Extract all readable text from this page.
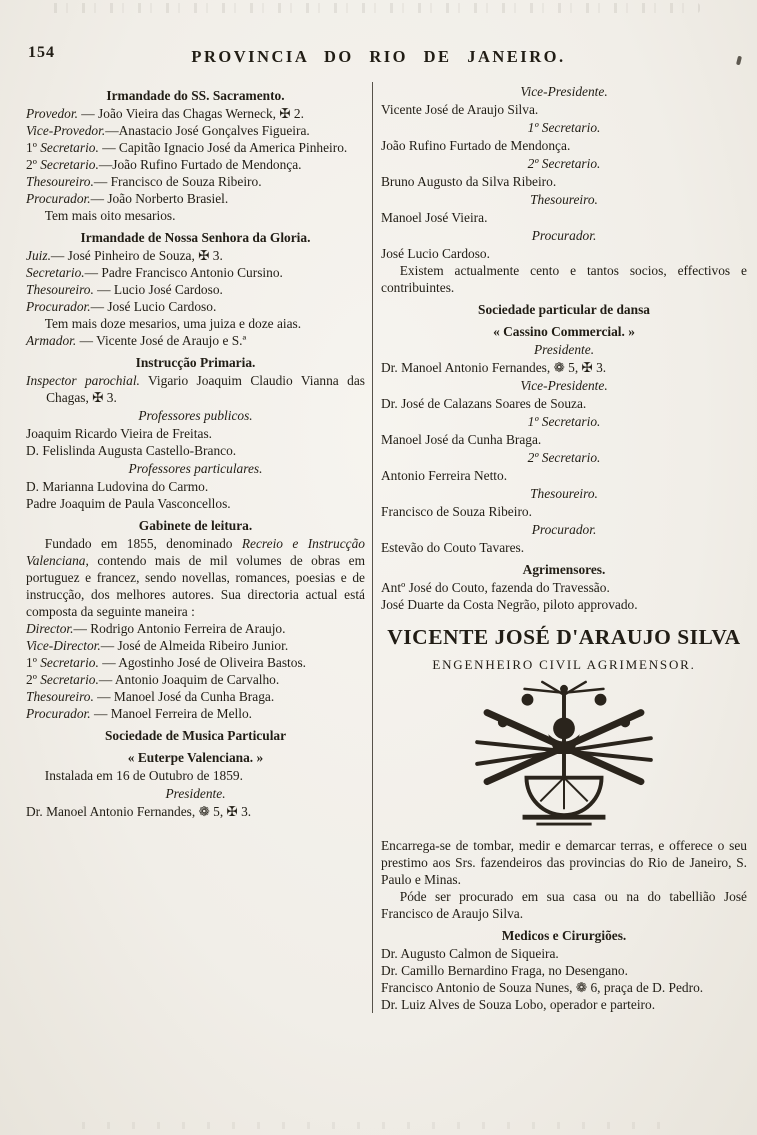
154	PROVINCIA DO RIO DE JANEIRO.

Irmandade do SS. Sacramento.

Provedor. — João Vieira das Chagas Werneck, ✠ 2.

Vice-Provedor.—Anastacio José Gonçalves Figueira.

1º Secretario. — Capitão Ignacio José da America Pinheiro.

2º Secretario.—João Rufino Furtado de Mendonça.

Thesoureiro.— Francisco de Souza Ribeiro.

Procurador.— João Norberto Brasiel.

Tem mais oito mesarios.

Irmandade de Nossa Senhora da Gloria.

Juiz.— José Pinheiro de Souza, ✠ 3.

Secretario.— Padre Francisco Antonio Cursino.

Thesoureiro. — Lucio José Cardoso.

Procurador.— José Lucio Cardoso.

Tem mais doze mesarios, uma juiza e doze aias.

Armador. — Vicente José de Araujo e S.ª

Instrucção Primaria.

Inspector parochial. Vigario Joaquim Claudio Vianna das Chagas, ✠ 3.

Professores publicos.

Joaquim Ricardo Vieira de Freitas.

D. Felislinda Augusta Castello-Branco.

Professores particulares.

D. Marianna Ludovina do Carmo.

Padre Joaquim de Paula Vasconcellos.

Gabinete de leitura.

Fundado em 1855, denominado Recreio e Instrucção Valenciana, contendo mais de mil volumes de obras em portuguez e francez, sendo novellas, romances, poesias e de instrucção, dos melhores autores. Sua directoria actual está composta da seguinte maneira :

Director.— Rodrigo Antonio Ferreira de Araujo.

Vice-Director.— José de Almeida Ribeiro Junior.

1º Secretario. — Agostinho José de Oliveira Bastos.

2º Secretario.— Antonio Joaquim de Carvalho.

Thesoureiro. — Manoel José da Cunha Braga.

Procurador. — Manoel Ferreira de Mello.

Sociedade de Musica Particular

« Euterpe Valenciana. »

Instalada em 16 de Outubro de 1859.

Presidente.

Dr. Manoel Antonio Fernandes, ❁ 5, ✠ 3.

Vice-Presidente.

Vicente José de Araujo Silva.

1º Secretario.

João Rufino Furtado de Mendonça.

2º Secretario.

Bruno Augusto da Silva Ribeiro.

Thesoureiro.

Manoel José Vieira.

Procurador.

José Lucio Cardoso.

Existem actualmente cento e tantos socios, effectivos e contribuintes.

Sociedade particular de dansa

« Cassino Commercial. »

Presidente.

Dr. Manoel Antonio Fernandes, ❁ 5, ✠ 3.

Vice-Presidente.

Dr. José de Calazans Soares de Souza.

1º Secretario.

Manoel José da Cunha Braga.

2º Secretario.

Antonio Ferreira Netto.

Thesoureiro.

Francisco de Souza Ribeiro.

Procurador.

Estevão do Couto Tavares.

Agrimensores.

Antº José do Couto, fazenda do Travessão.

José Duarte da Costa Negrão, piloto approvado.

VICENTE JOSÉ D'ARAUJO SILVA

ENGENHEIRO CIVIL AGRIMENSOR.

Encarrega-se de tombar, medir e demarcar terras, e offerece o seu prestimo aos Srs. fazendeiros das provincias do Rio de Janeiro, S. Paulo e Minas.

Póde ser procurado em sua casa ou na do tabellião José Francisco de Araujo Silva.

Medicos e Cirurgiões.

Dr. Augusto Calmon de Siqueira.

Dr. Camillo Bernardino Fraga, no Desengano.

Francisco Antonio de Souza Nunes, ❁ 6, praça de D. Pedro.

Dr. Luiz Alves de Souza Lobo, operador e parteiro.
